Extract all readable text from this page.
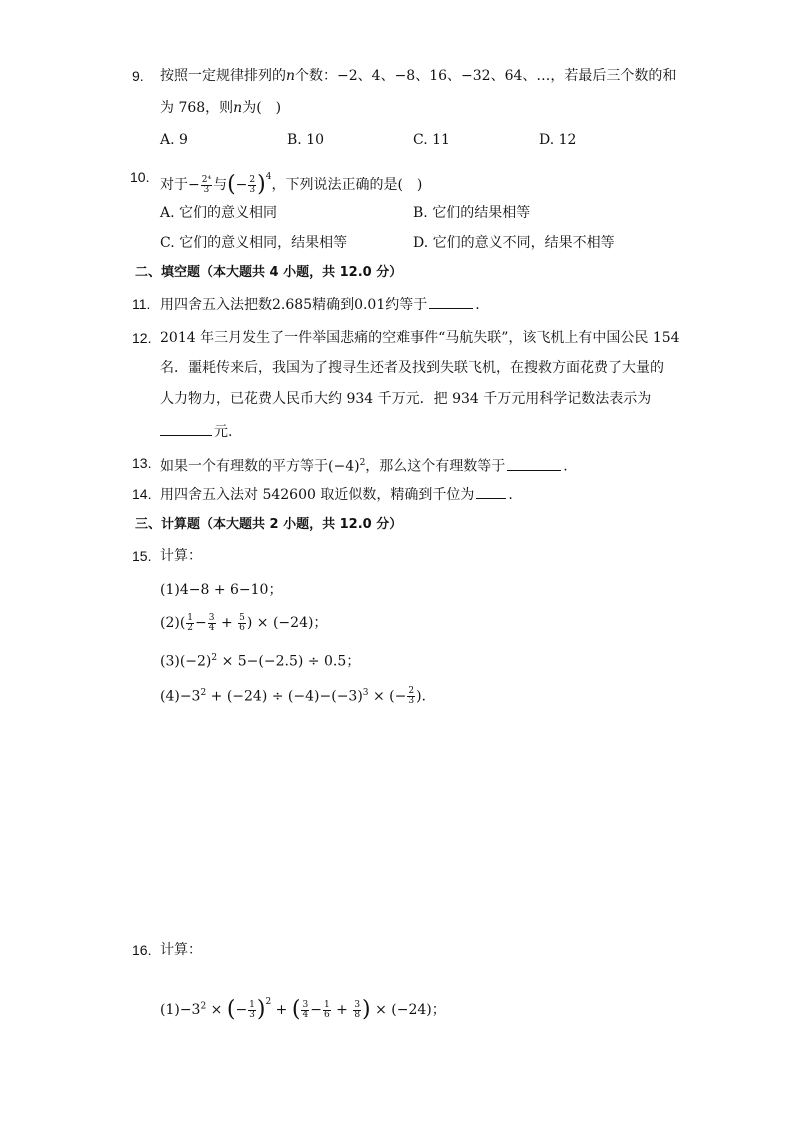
9. 按照一定规律排列的n个数：−2、4、−8、16、−32、64、…，若最后三个数的和
为 768，则n为(　)
A. 9	B. 10	C. 11	D. 12
10. 对于− $\frac{\text{2⁴}}{3}$ 与(− $\frac{2}{3} )^4$，下列说法正确的是(　)
A. 它们的意义相同	B. 它们的结果相等
C. 它们的意义相同，结果相等	D. 它们的意义不同，结果不相等
二、填空题（本大题共 4 小题，共 12.0 分）
11. 用四舍五入法把数2.685精确到0.01约等于	.
12. 2014 年三月发生了一件举国悲痛的空难事件“马航失联”，该飞机上有中国公民 154
名．噩耗传来后，我国为了搜寻生还者及找到失联飞机，在搜救方面花费了大量的
人力物力，已花费人民币大约 934 千万元．把 934 千万元用科学记数法表示为
元.
13. 如果一个有理数的平方等于$(-4)^2$，那么这个有理数等于	.
14. 用四舍五入法对 542600 取近似数，精确到千位为 .
三、计算题（本大题共 2 小题，共 12.0 分）
15. 计算：
(1)4−8 + 6−10；
$(2)( \frac{1}{2} - \frac{3}{4} + \frac{5}{6}$ ) × (−24)；
$(3)(-2)^2 \times 5-(-2.5) \div 0.5$；
$(4)-3^2 + (-24) \div (-4)-(-3)^3$ × (− $\frac{2}{3}$ ).
16. 计算：
$(1)-3^2$ × (− $\frac{1}{3} )^2$ + ( $\frac{3}{4} - \frac{1}{6} + \frac{3}{8}$ ) × (−24)；
